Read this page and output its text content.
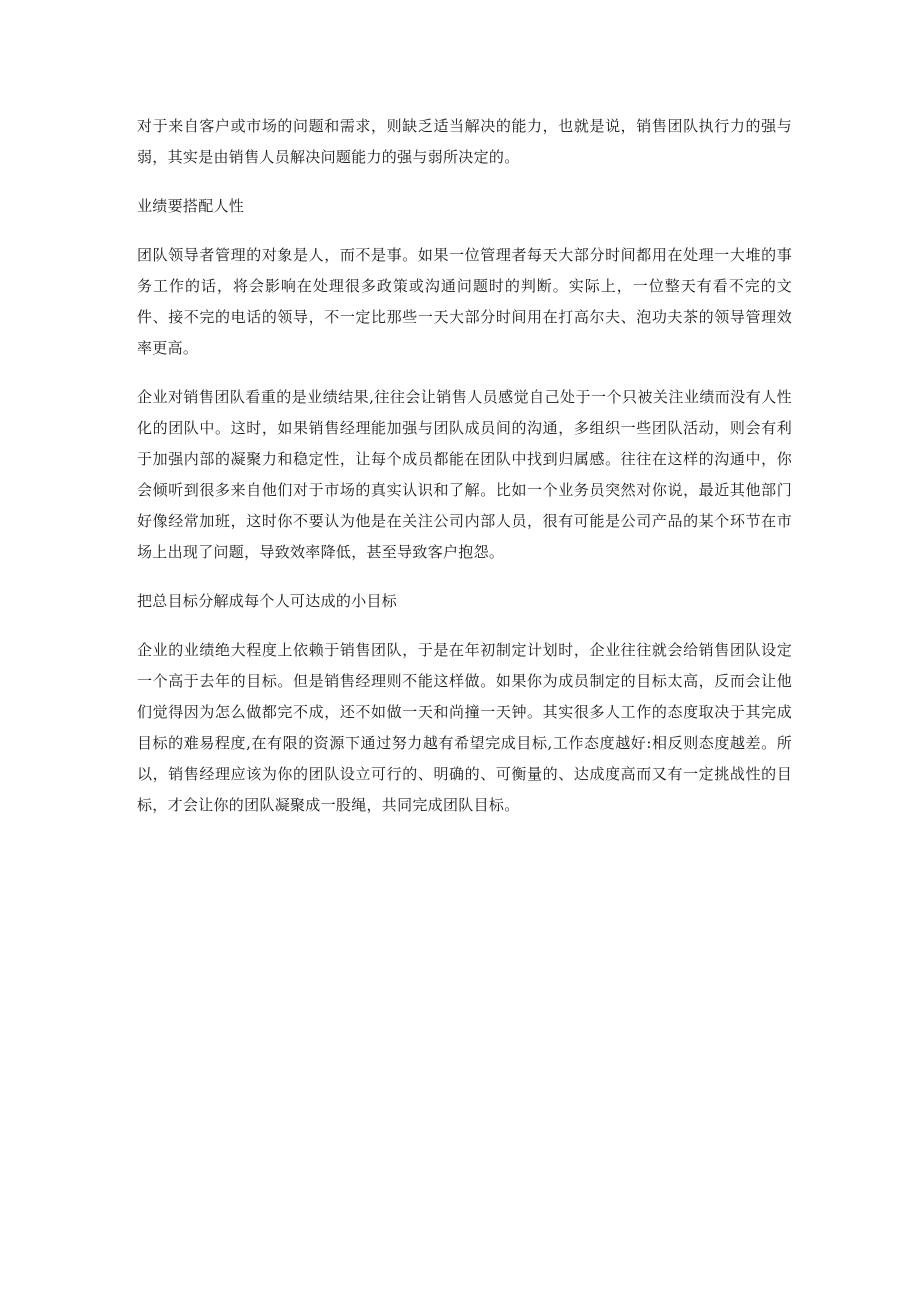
对于来自客户或市场的问题和需求，则缺乏适当解决的能力，也就是说，销售团队执行力的强与弱，其实是由销售人员解决问题能力的强与弱所决定的。

业绩要搭配人性

团队领导者管理的对象是人，而不是事。如果一位管理者每天大部分时间都用在处理一大堆的事务工作的话，将会影响在处理很多政策或沟通问题时的判断。实际上，一位整天有看不完的文件、接不完的电话的领导，不一定比那些一天大部分时间用在打高尔夫、泡功夫茶的领导管理效率更高。

企业对销售团队看重的是业绩结果,往往会让销售人员感觉自己处于一个只被关注业绩而没有人性化的团队中。这时，如果销售经理能加强与团队成员间的沟通，多组织一些团队活动，则会有利于加强内部的凝聚力和稳定性，让每个成员都能在团队中找到归属感。往往在这样的沟通中，你会倾听到很多来自他们对于市场的真实认识和了解。比如一个业务员突然对你说，最近其他部门好像经常加班，这时你不要认为他是在关注公司内部人员，很有可能是公司产品的某个环节在市场上出现了问题，导致效率降低，甚至导致客户抱怨。

把总目标分解成每个人可达成的小目标

企业的业绩绝大程度上依赖于销售团队，于是在年初制定计划时，企业往往就会给销售团队设定一个高于去年的目标。但是销售经理则不能这样做。如果你为成员制定的目标太高，反而会让他们觉得因为怎么做都完不成，还不如做一天和尚撞一天钟。其实很多人工作的态度取决于其完成目标的难易程度,在有限的资源下通过努力越有希望完成目标,工作态度越好:相反则态度越差。所以，销售经理应该为你的团队设立可行的、明确的、可衡量的、达成度高而又有一定挑战性的目标，才会让你的团队凝聚成一股绳，共同完成团队目标。
